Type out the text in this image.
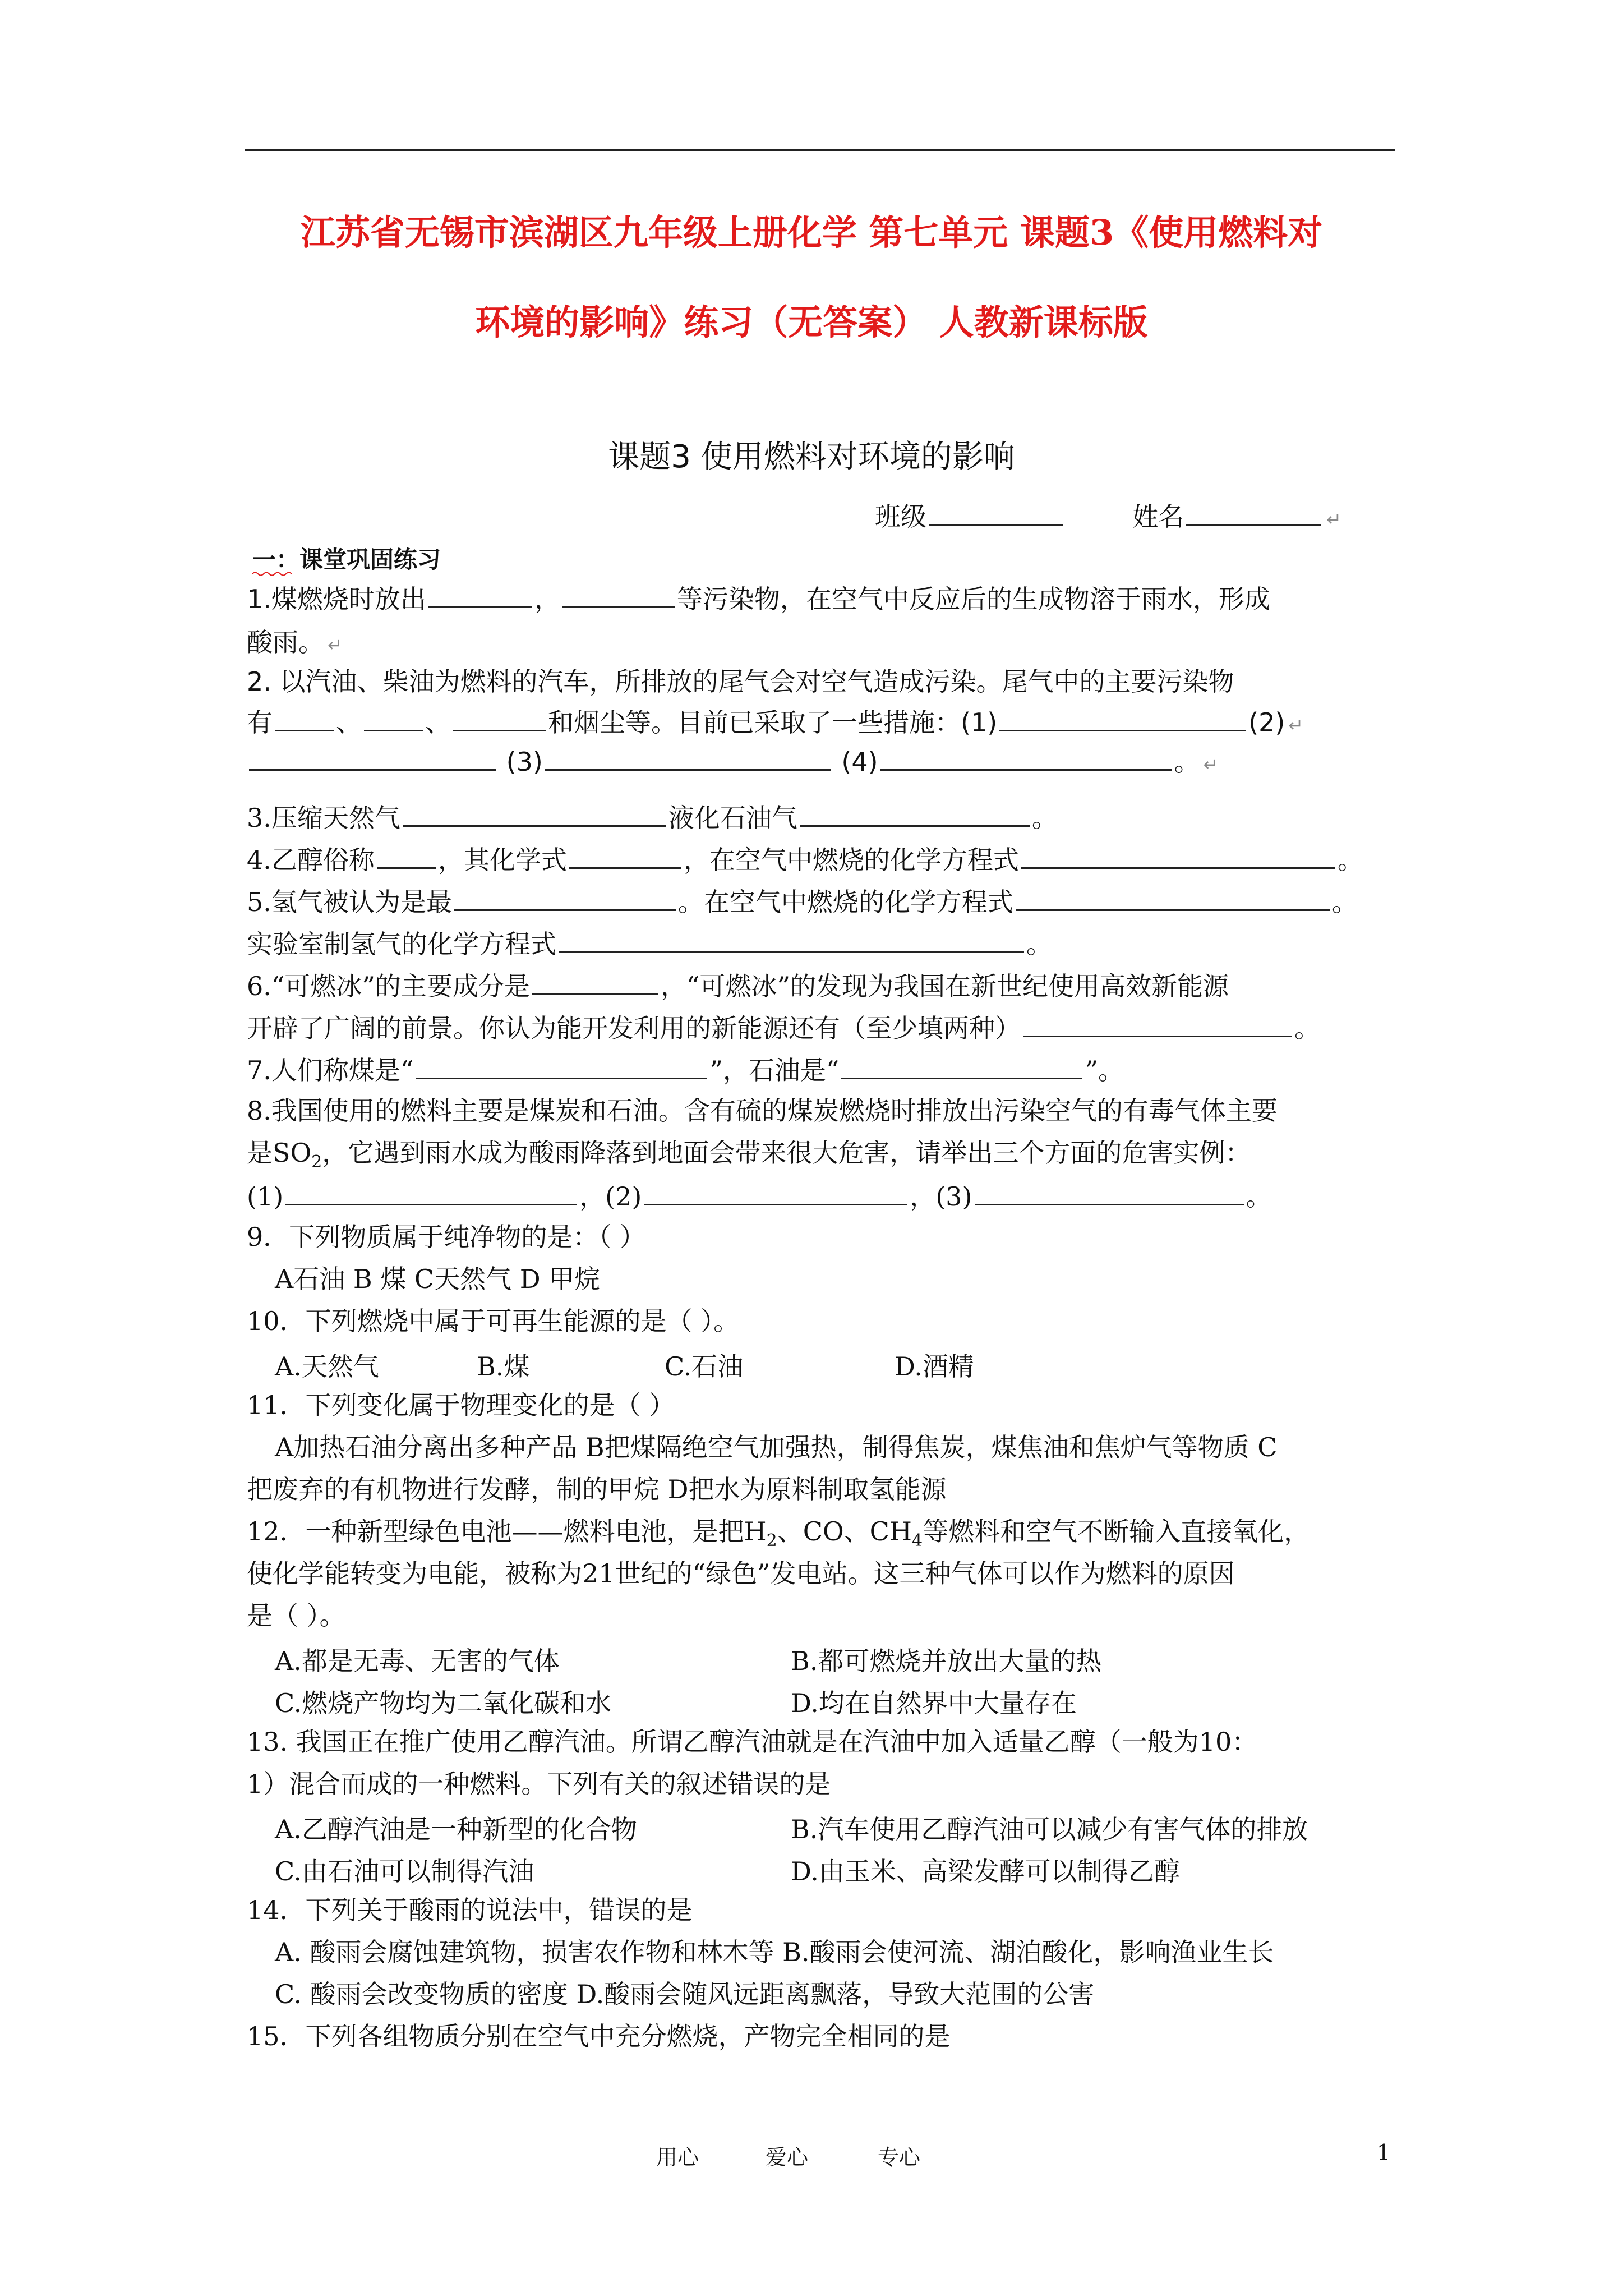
江苏省无锡市滨湖区九年级上册化学 第七单元 课题3《使用燃料对
环境的影响》练习（无答案） 人教新课标版
课题3 使用燃料对环境的影响
班级	姓名	↵
一：课堂巩固练习
1.煤燃烧时放出	，	等污染物，在空气中反应后的生成物溶于雨水，形成
酸雨。 ↵
2. 以汽油、柴油为燃料的汽车，所排放的尾气会对空气造成污染。尾气中的主要污染物
有 、 、	和烟尘等。目前已采取了一些措施：(1)	(2) ↵
(3)	(4)	。 ↵
3.压缩天然气	液化石油气	。
4.乙醇俗称 ，其化学式	，在空气中燃烧的化学方程式	。
5.氢气被认为是最	。在空气中燃烧的化学方程式	。
实验室制氢气的化学方程式	。
6.“可燃冰”的主要成分是	，“可燃冰”的发现为我国在新世纪使用高效新能源
开辟了广阔的前景。你认为能开发利用的新能源还有（至少填两种）	。
7.人们称煤是“	”，石油是“	”。
8.我国使用的燃料主要是煤炭和石油。含有硫的煤炭燃烧时排放出污染空气的有毒气体主要
是$SO_2$，它遇到雨水成为酸雨降落到地面会带来很大危害，请举出三个方面的危害实例：
(1)	，(2)	，(3)	。
9．下列物质属于纯净物的是：（ ）
A石油 B 煤 C天然气 D 甲烷
10．下列燃烧中属于可再生能源的是（ ）。
A.天然气	B.煤	C.石油	D.酒精
11．下列变化属于物理变化的是（ ）
A加热石油分离出多种产品 B把煤隔绝空气加强热，制得焦炭，煤焦油和焦炉气等物质 C
把废弃的有机物进行发酵，制的甲烷 D把水为原料制取氢能源
12．一种新型绿色电池——燃料电池，是把$H_2$、CO、$CH_4$等燃料和空气不断输入直接氧化，
使化学能转变为电能，被称为21世纪的“绿色”发电站。这三种气体可以作为燃料的原因
是（ ）。
A.都是无毒、无害的气体	B.都可燃烧并放出大量的热
C.燃烧产物均为二氧化碳和水	D.均在自然界中大量存在
13. 我国正在推广使用乙醇汽油。所谓乙醇汽油就是在汽油中加入适量乙醇（一般为10：
1）混合而成的一种燃料。下列有关的叙述错误的是
A.乙醇汽油是一种新型的化合物	B.汽车使用乙醇汽油可以减少有害气体的排放
C.由石油可以制得汽油	D.由玉米、高梁发酵可以制得乙醇
14．下列关于酸雨的说法中，错误的是
A. 酸雨会腐蚀建筑物，损害农作物和林木等 B.酸雨会使河流、湖泊酸化，影响渔业生长
C. 酸雨会改变物质的密度 D.酸雨会随风远距离飘落，导致大范围的公害
15．下列各组物质分别在空气中充分燃烧，产物完全相同的是
用心	爱心	专心	1
